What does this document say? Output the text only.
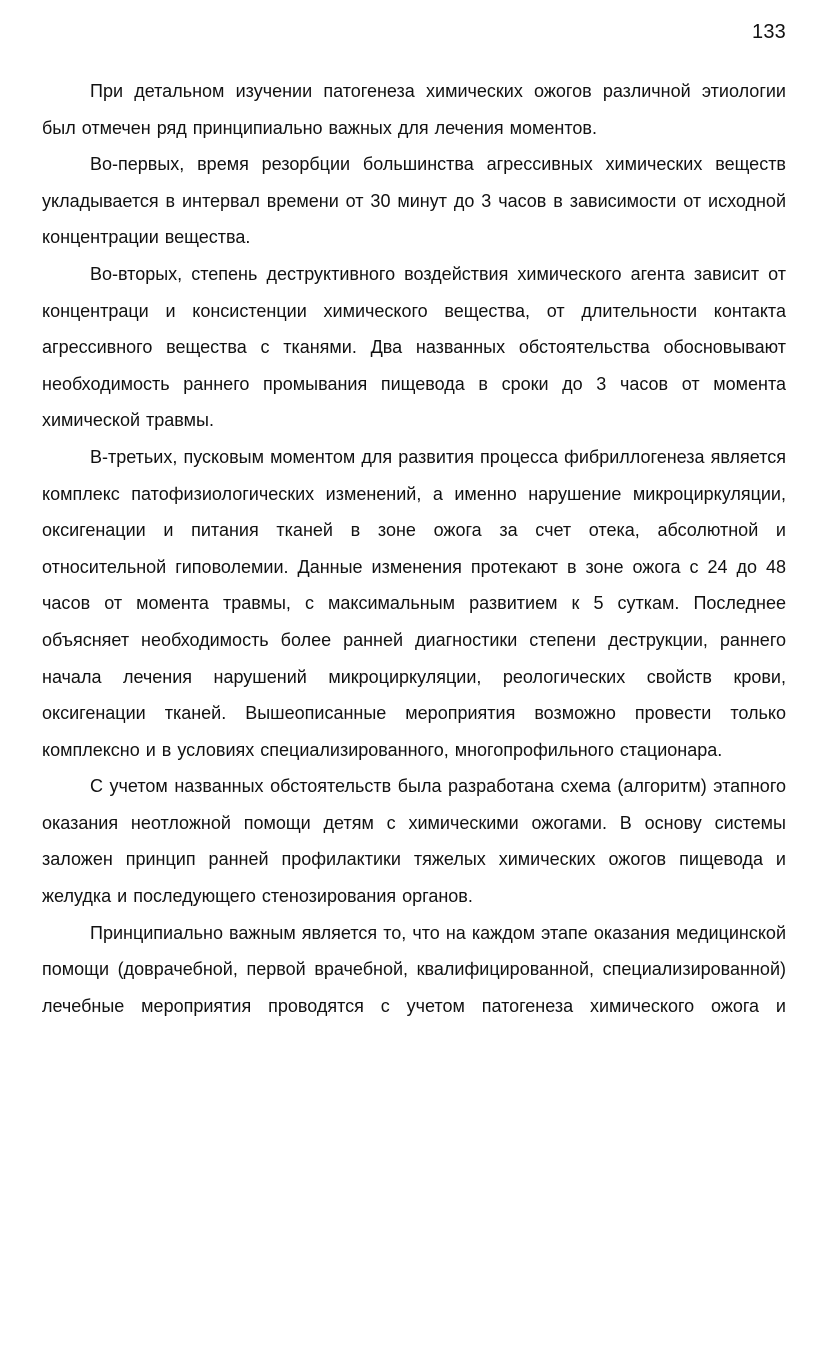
133

При детальном изучении патогенеза химических ожогов различной этиологии был отмечен ряд принципиально важных для лечения моментов.

Во-первых, время резорбции большинства агрессивных химических веществ укладывается в интервал времени от 30 минут до 3 часов в зависимости от исходной концентрации вещества.

Во-вторых, степень деструктивного воздействия химического агента зависит от концентраци и консистенции химического вещества, от длительности контакта агрессивного вещества с тканями. Два названных обстоятельства обосновывают необходимость раннего промывания пищевода в сроки до 3 часов от момента химической травмы.

В-третьих, пусковым моментом для развития процесса фибриллогенеза является комплекс патофизиологических изменений, а именно нарушение микроциркуляции, оксигенации и питания тканей в зоне ожога за счет отека, абсолютной и относительной гиповолемии. Данные изменения протекают в зоне ожога с 24 до 48 часов от момента травмы, с максимальным развитием к 5 суткам. Последнее объясняет необходимость более ранней диагностики степени деструкции, раннего начала лечения нарушений микроциркуляции, реологических свойств крови, оксигенации тканей. Вышеописанные мероприятия возможно провести только комплексно и в условиях специализированного, многопрофильного стационара.

С учетом названных обстоятельств была разработана схема (алгоритм) этапного оказания неотложной помощи детям с химическими ожогами. В основу системы заложен принцип ранней профилактики тяжелых химических ожогов пищевода и желудка и последующего стенозирования органов.

Принципиально важным является то, что на каждом этапе оказания медицинской помощи (доврачебной, первой врачебной, квалифицированной, специализированной) лечебные мероприятия проводятся с учетом патогенеза химического ожога и
